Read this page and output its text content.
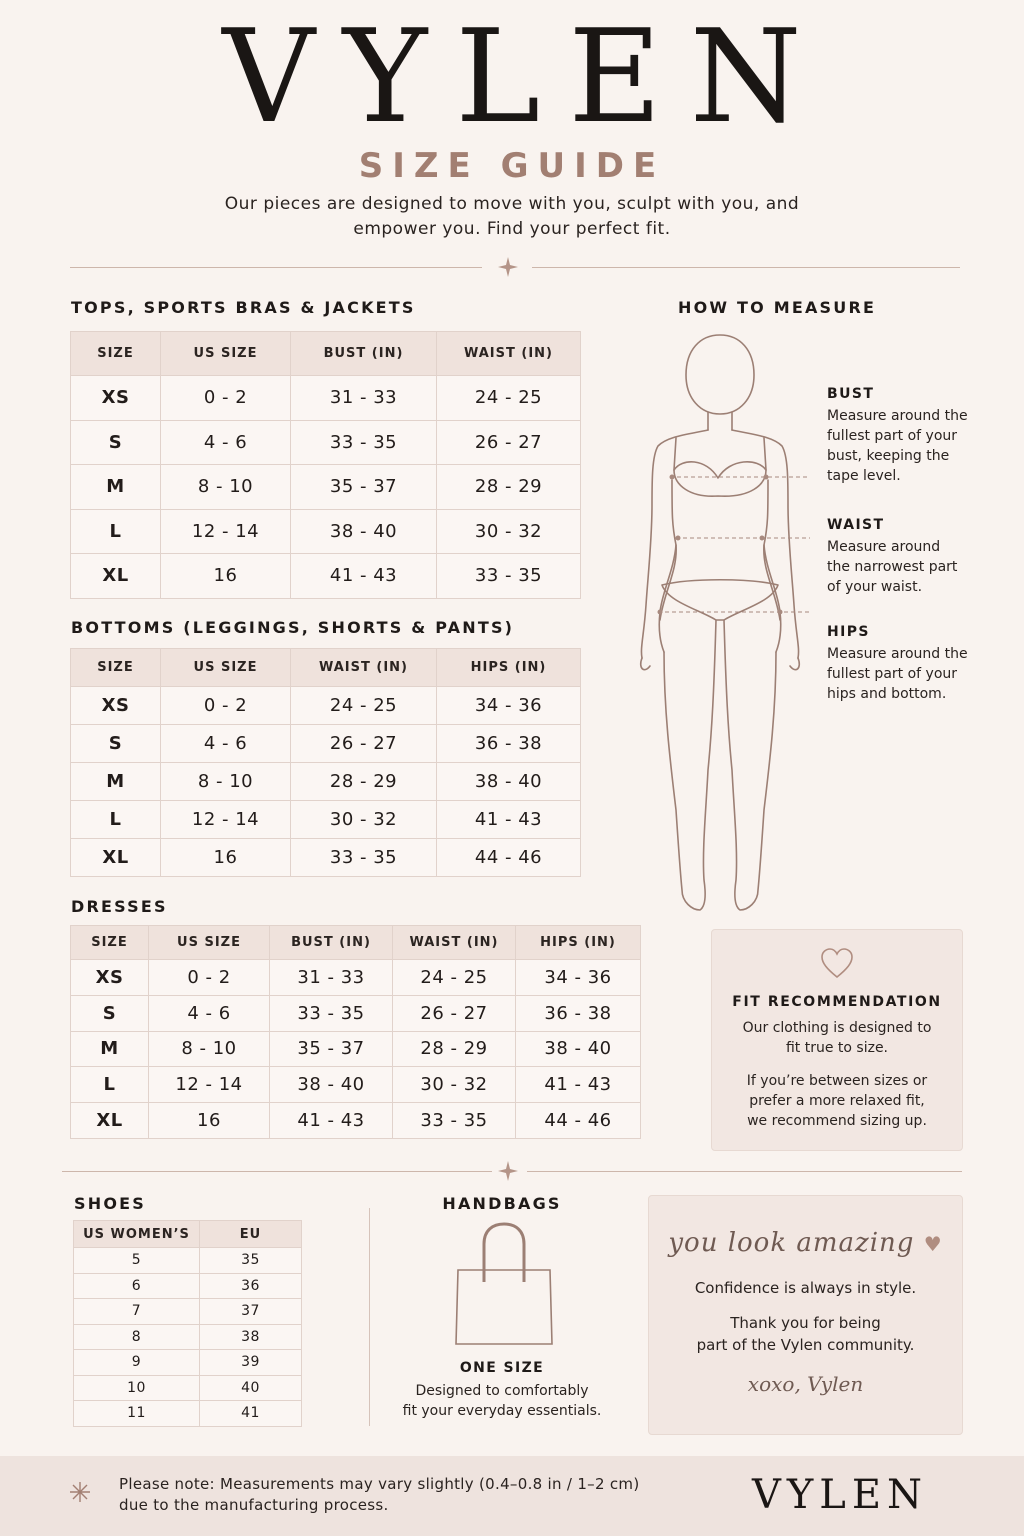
VYLEN
SIZE GUIDE
Our pieces are designed to move with you, sculpt with you, and
empower you. Find your perfect fit.
TOPS, SPORTS BRAS & JACKETS
SIZE	US SIZE	BUST (IN)	WAIST (IN)
XS	0 - 2	31 - 33	24 - 25
S	4 - 6	33 - 35	26 - 27
M	8 - 10	35 - 37	28 - 29
L	12 - 14	38 - 40	30 - 32
XL	16	41 - 43	33 - 35
BOTTOMS (LEGGINGS, SHORTS & PANTS)
SIZE	US SIZE	WAIST (IN)	HIPS (IN)
XS	0 - 2	24 - 25	34 - 36
S	4 - 6	26 - 27	36 - 38
M	8 - 10	28 - 29	38 - 40
L	12 - 14	30 - 32	41 - 43
XL	16	33 - 35	44 - 46
DRESSES
SIZE	US SIZE	BUST (IN)	WAIST (IN)	HIPS (IN)
XS	0 - 2	31 - 33	24 - 25	34 - 36
S	4 - 6	33 - 35	26 - 27	36 - 38
M	8 - 10	35 - 37	28 - 29	38 - 40
L	12 - 14	38 - 40	30 - 32	41 - 43
XL	16	41 - 43	33 - 35	44 - 46
HOW TO MEASURE
BUST
Measure around the
fullest part of your
bust, keeping the
tape level.
WAIST
Measure around
the narrowest part
of your waist.
HIPS
Measure around the
fullest part of your
hips and bottom.
FIT RECOMMENDATION
Our clothing is designed to
fit true to size.
If you’re between sizes or
prefer a more relaxed fit,
we recommend sizing up.
SHOES
US WOMEN’S	EU
5	35
6	36
7	37
8	38
9	39
10	40
11	41
HANDBAGS
ONE SIZE
Designed to comfortably
fit your everyday essentials.
you look amazing ♥
Confidence is always in style.
Thank you for being
part of the Vylen community.
xoxo, Vylen
Please note: Measurements may vary slightly (0.4–0.8 in / 1–2 cm)
due to the manufacturing process.	VYLEN
